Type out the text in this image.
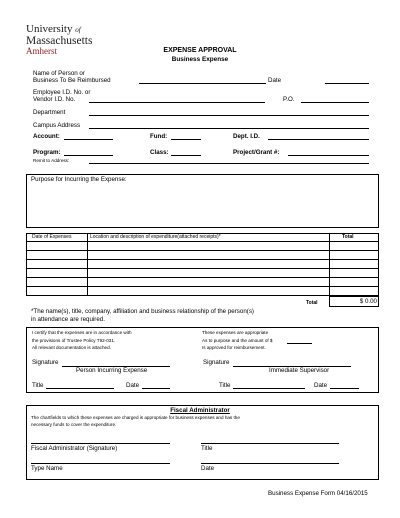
University of
Massachusetts
Amherst	EXPENSE APPROVAL
Business Expense
Name of Person or
Business To Be Reimbursed	Date
Employee I.D. No. or
Vendor I.D. No.	P.O.
Department
Campus Address
Account:	Fund:	Dept. I.D.
Program:	Class:	Project/Grant #:
Remit to Address:
Purpose for Incurring the Expense:
Date of Expenses	Location and description of expenditure(attached receipts)*	Total
Total	$ 0.00
*The name(s), title, company, affiliation and business relationship of the person(s)
in attendance are required.
I certify that the expenses are in accordance with
the provisions of Trustee Policy T92-031.
All relevant documentation is attached.
These expenses are appropriate
As to purpose and the amount of $
Is approved for reimbursement.
Signature
Person Incurring Expense
Signature
Immediate Supervisor
Title	Date	Title	Date
Fiscal Administrator
The chartfields to which these expenses are charged is appropriate for business expenses and has the
necessary funds to cover the expenditure.
Fiscal Administrator (Signature)	Title
Type Name	Date
Business Expense Form 04/16/2015
